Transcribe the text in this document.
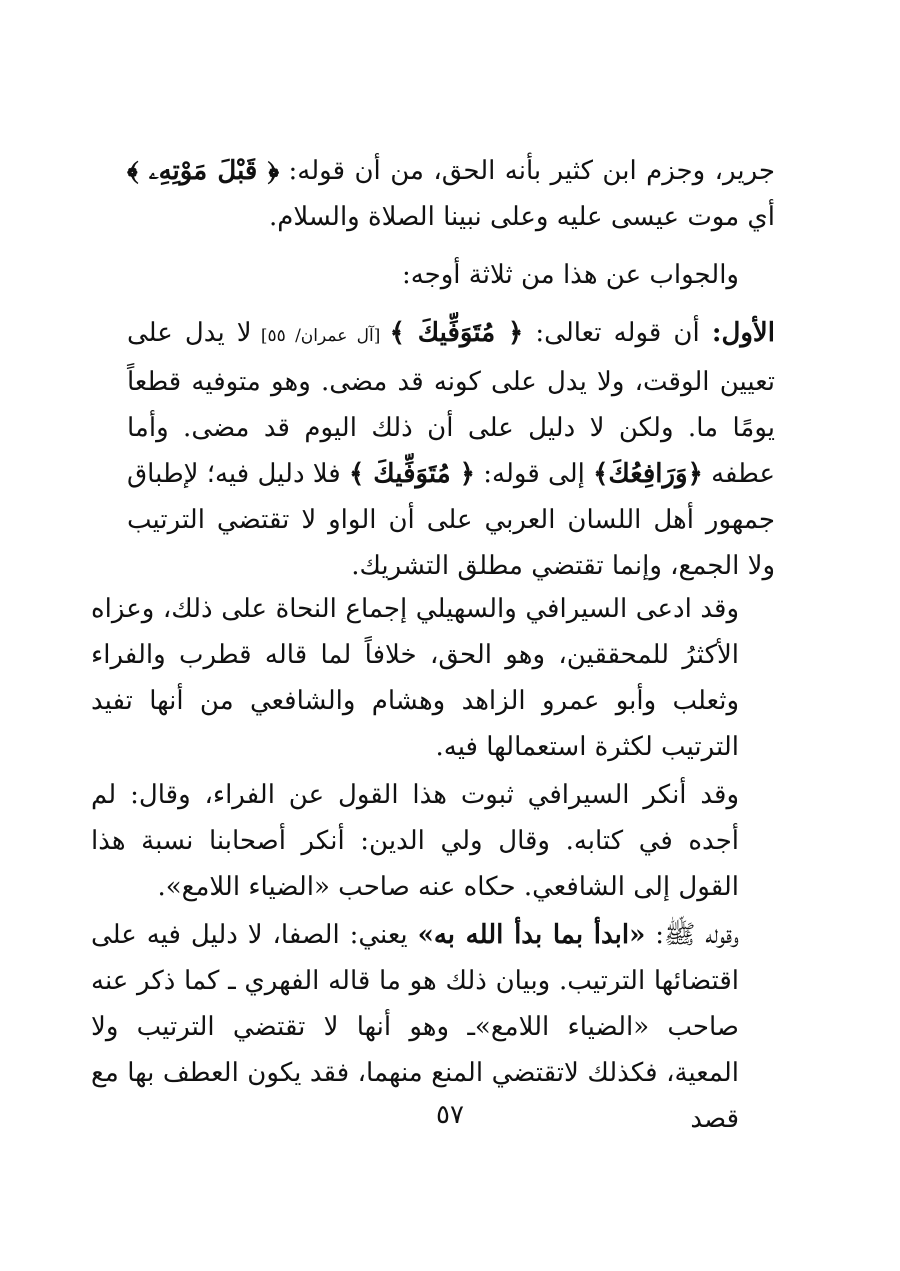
جرير، وجزم ابن كثير بأنه الحق، من أن قوله: ﴿ قَبْلَ مَوْتِهِۦ ﴾ أي موت عيسى عليه وعلى نبينا الصلاة والسلام.

والجواب عن هذا من ثلاثة أوجه:

الأول: أن قوله تعالى: ﴿ مُتَوَفِّيكَ ﴾ [آل عمران/ ٥٥] لا يدل على تعيين الوقت، ولا يدل على كونه قد مضى. وهو متوفيه قطعاً يومًا ما. ولكن لا دليل على أن ذلك اليوم قد مضى. وأما عطفه ﴿وَرَافِعُكَ﴾ إلى قوله: ﴿ مُتَوَفِّيكَ ﴾ فلا دليل فيه؛ لإطباق جمهور أهل اللسان العربي على أن الواو لا تقتضي الترتيب ولا الجمع، وإنما تقتضي مطلق التشريك.

وقد ادعى السيرافي والسهيلي إجماع النحاة على ذلك، وعزاه الأكثرُ للمحققين، وهو الحق، خلافاً لما قاله قطرب والفراء وثعلب وأبو عمرو الزاهد وهشام والشافعي من أنها تفيد الترتيب لكثرة استعمالها فيه.

وقد أنكر السيرافي ثبوت هذا القول عن الفراء، وقال: لم أجده في كتابه. وقال ولي الدين: أنكر أصحابنا نسبة هذا القول إلى الشافعي. حكاه عنه صاحب «الضياء اللامع».

وقوله ﷺ: «ابدأ بما بدأ الله به» يعني: الصفا، لا دليل فيه على اقتضائها الترتيب. وبيان ذلك هو ما قاله الفهري ـ كما ذكر عنه صاحب «الضياء اللامع»ـ وهو أنها لا تقتضي الترتيب ولا المعية، فكذلك لاتقتضي المنع منهما، فقد يكون العطف بها مع قصد

٥٧
